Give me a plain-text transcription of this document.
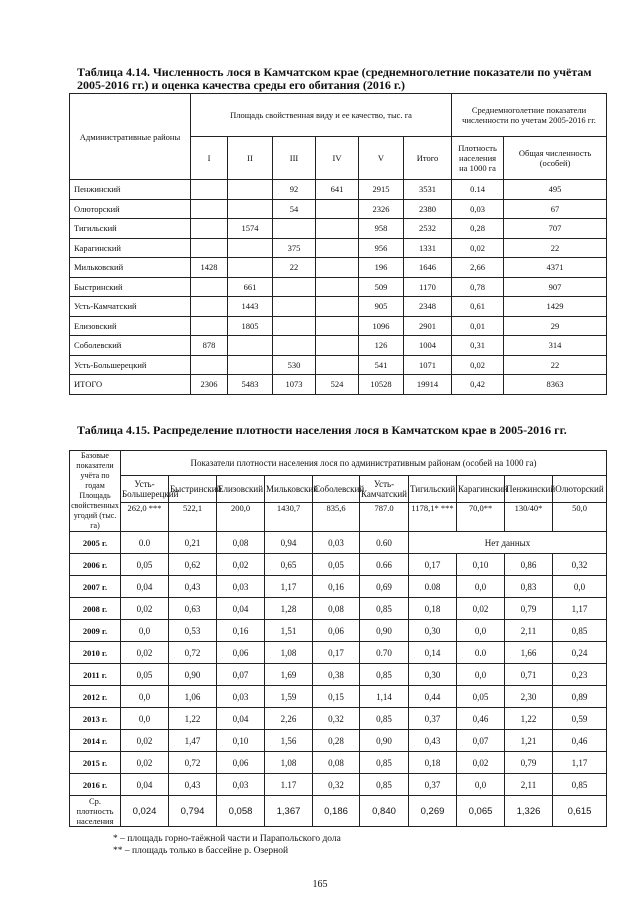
Таблица 4.14. Численность лося в Камчатском крае (среднемноголетние показатели по учётам 2005-2016 гг.) и оценка качества среды его обитания (2016 г.)
Административные районы	Площадь свойственная виду и ее качество, тыс. га						Среднемноголетние показатели численности по учетам 2005-2016 гг.	
	I	II	III	IV	V	Итого	Плотность населения на 1000 га	Общая численность (особей)
Пенжинский			92	641	2915	3531	0.14	495
Олюторский			54		2326	2380	0,03	67
Тигильский		1574			958	2532	0,28	707
Карагинский			375		956	1331	0,02	22
Мильковский	1428		22		196	1646	2,66	4371
Быстринский		661			509	1170	0,78	907
Усть-Камчатский		1443			905	2348	0,61	1429
Елизовский		1805			1096	2901	0,01	29
Соболевский	878				126	1004	0,31	314
Усть-Большерецкий			530		541	1071	0,02	22
ИТОГО	2306	5483	1073	524	10528	19914	0,42	8363
Таблица 4.15. Распределение плотности населения лося в Камчатском крае в 2005-2016 гг.
Базовые показатели учёта по годам Площадь свойственных угодий (тыс. га)	Показатели плотности населения лося по административным районам (особей на 1000 га)									
	Усть-Большерецкий	Быстринский	Елизовский	Мильковский	Соболевский	Усть-Камчатский	Тигильский	Карагинский	Пенжинский	Олюторский
	262,0 ***	522,1	200,0	1430,7	835,6	787.0	1178,1* ***	70,0**	130/40*	50,0
2005 г.	0.0	0,21	0,08	0,94	0,03	0.60	Нет данных			
2006 г.	0,05	0,62	0,02	0,65	0,05	0.66	0,17	0,10	0,86	0,32
2007 г.	0,04	0,43	0,03	1,17	0,16	0,69	0.08	0,0	0,83	0,0
2008 г.	0,02	0,63	0,04	1,28	0,08	0,85	0,18	0,02	0,79	1,17
2009 г.	0,0	0,53	0,16	1,51	0,06	0,90	0,30	0,0	2,11	0,85
2010 г.	0,02	0,72	0,06	1,08	0,17	0.70	0,14	0.0	1,66	0,24
2011 г.	0,05	0,90	0,07	1,69	0,38	0,85	0,30	0,0	0,71	0,23
2012 г.	0,0	1,06	0,03	1,59	0,15	1,14	0,44	0,05	2,30	0,89
2013 г.	0,0	1,22	0,04	2,26	0,32	0,85	0,37	0,46	1,22	0,59
2014 г.	0,02	1,47	0,10	1,56	0,28	0,90	0,43	0,07	1,21	0,46
2015 г.	0,02	0,72	0,06	1,08	0,08	0,85	0,18	0,02	0,79	1,17
2016 г.	0,04	0,43	0,03	1.17	0,32	0,85	0,37	0,0	2,11	0,85
Ср. плотность населения	0,024	0,794	0,058	1,367	0,186	0,840	0,269	0,065	1,326	0,615
* – площадь горно-таёжной части и Парапольского дола
** – площадь только в бассейне р. Озерной
165
